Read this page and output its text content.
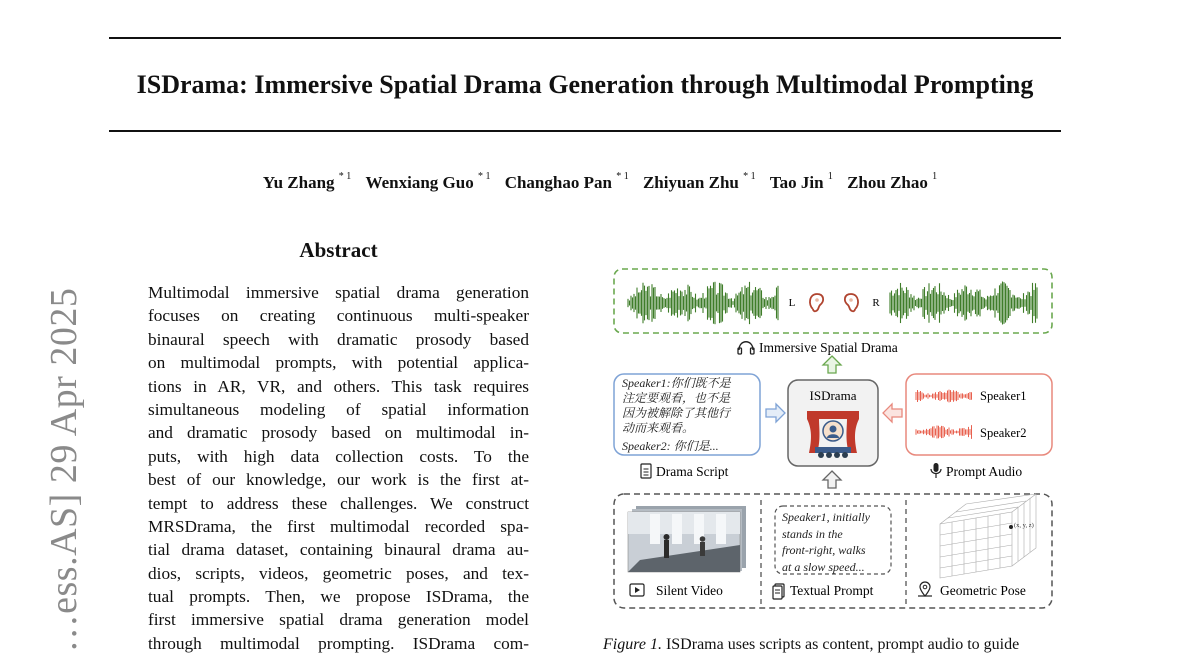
ISDrama: Immersive Spatial Drama Generation through Multimodal Prompting
Yu Zhang $^{* 1}$ Wenxiang Guo $^{* 1}$ Changhao Pan $^{* 1}$ Zhiyuan Zhu $^{* 1}$ Tao Jin $^1$ Zhou Zhao $^1$
…ess.AS] 29 Apr 2025
Abstract
Multimodal immersive spatial drama generation
focuses on creating continuous multi-speaker
binaural speech with dramatic prosody based
on multimodal prompts, with potential applica-
tions in AR, VR, and others. This task requires
simultaneous modeling of spatial information
and dramatic prosody based on multimodal in-
puts, with high data collection costs. To the
best of our knowledge, our work is the first at-
tempt to address these challenges. We construct
MRSDrama, the first multimodal recorded spa-
tial drama dataset, containing binaural drama au-
dios, scripts, videos, geometric poses, and tex-
tual prompts. Then, we propose ISDrama, the
first immersive spatial drama generation model
through multimodal prompting. ISDrama com-
L	R
Immersive Spatial Drama
Speaker1:你们既不是
注定要观看，也不是
因为被解除了其他行
动而来观看。
Speaker2: 你们是...
Drama Script
ISDrama	Speaker1
Speaker2
Prompt Audio
Silent Video
Speaker1, initially
stands in the
front-right, walks
at a slow speed...
Textual Prompt
(x, y, z)
Geometric Pose
Figure 1. ISDrama uses scripts as content, prompt audio to guide
